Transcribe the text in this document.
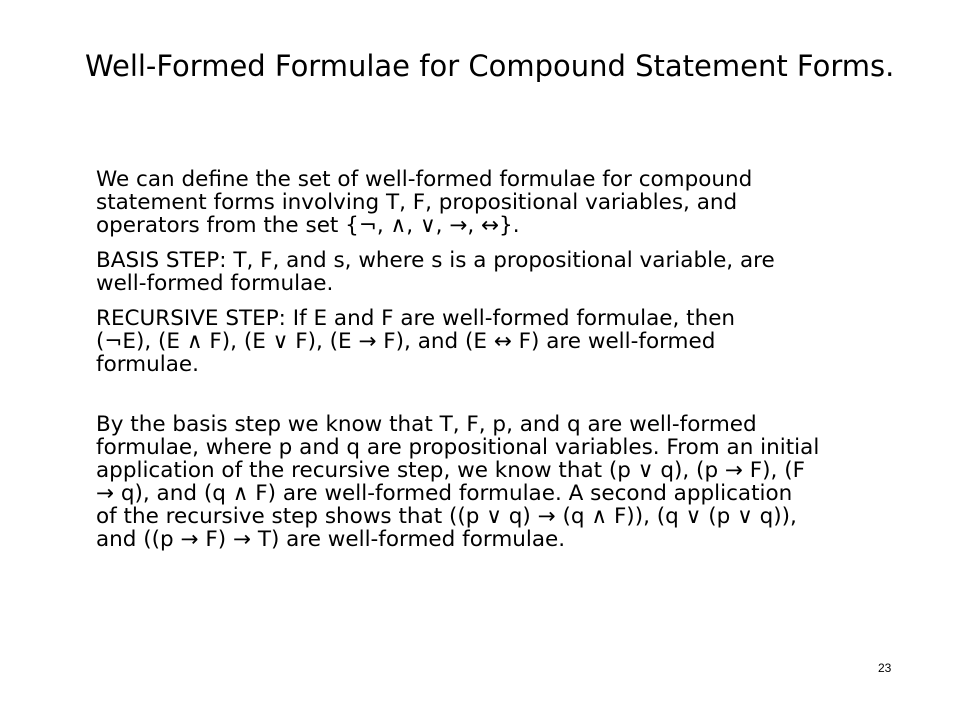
Well-Formed Formulae for Compound Statement Forms.

We can define the set of well-formed formulae for compound
statement forms involving T, F, propositional variables, and
operators from the set {¬, ∧, ∨, →, ↔}.

BASIS STEP: T, F, and s, where s is a propositional variable, are
well-formed formulae.

RECURSIVE STEP: If E and F are well-formed formulae, then
(¬E), (E ∧ F), (E ∨ F), (E → F), and (E ↔ F) are well-formed
formulae.

By the basis step we know that T, F, p, and q are well-formed
formulae, where p and q are propositional variables. From an initial
application of the recursive step, we know that (p ∨ q), (p → F), (F
→ q), and (q ∧ F) are well-formed formulae. A second application
of the recursive step shows that ((p ∨ q) → (q ∧ F)), (q ∨ (p ∨ q)),
and ((p → F) → T) are well-formed formulae.

23
